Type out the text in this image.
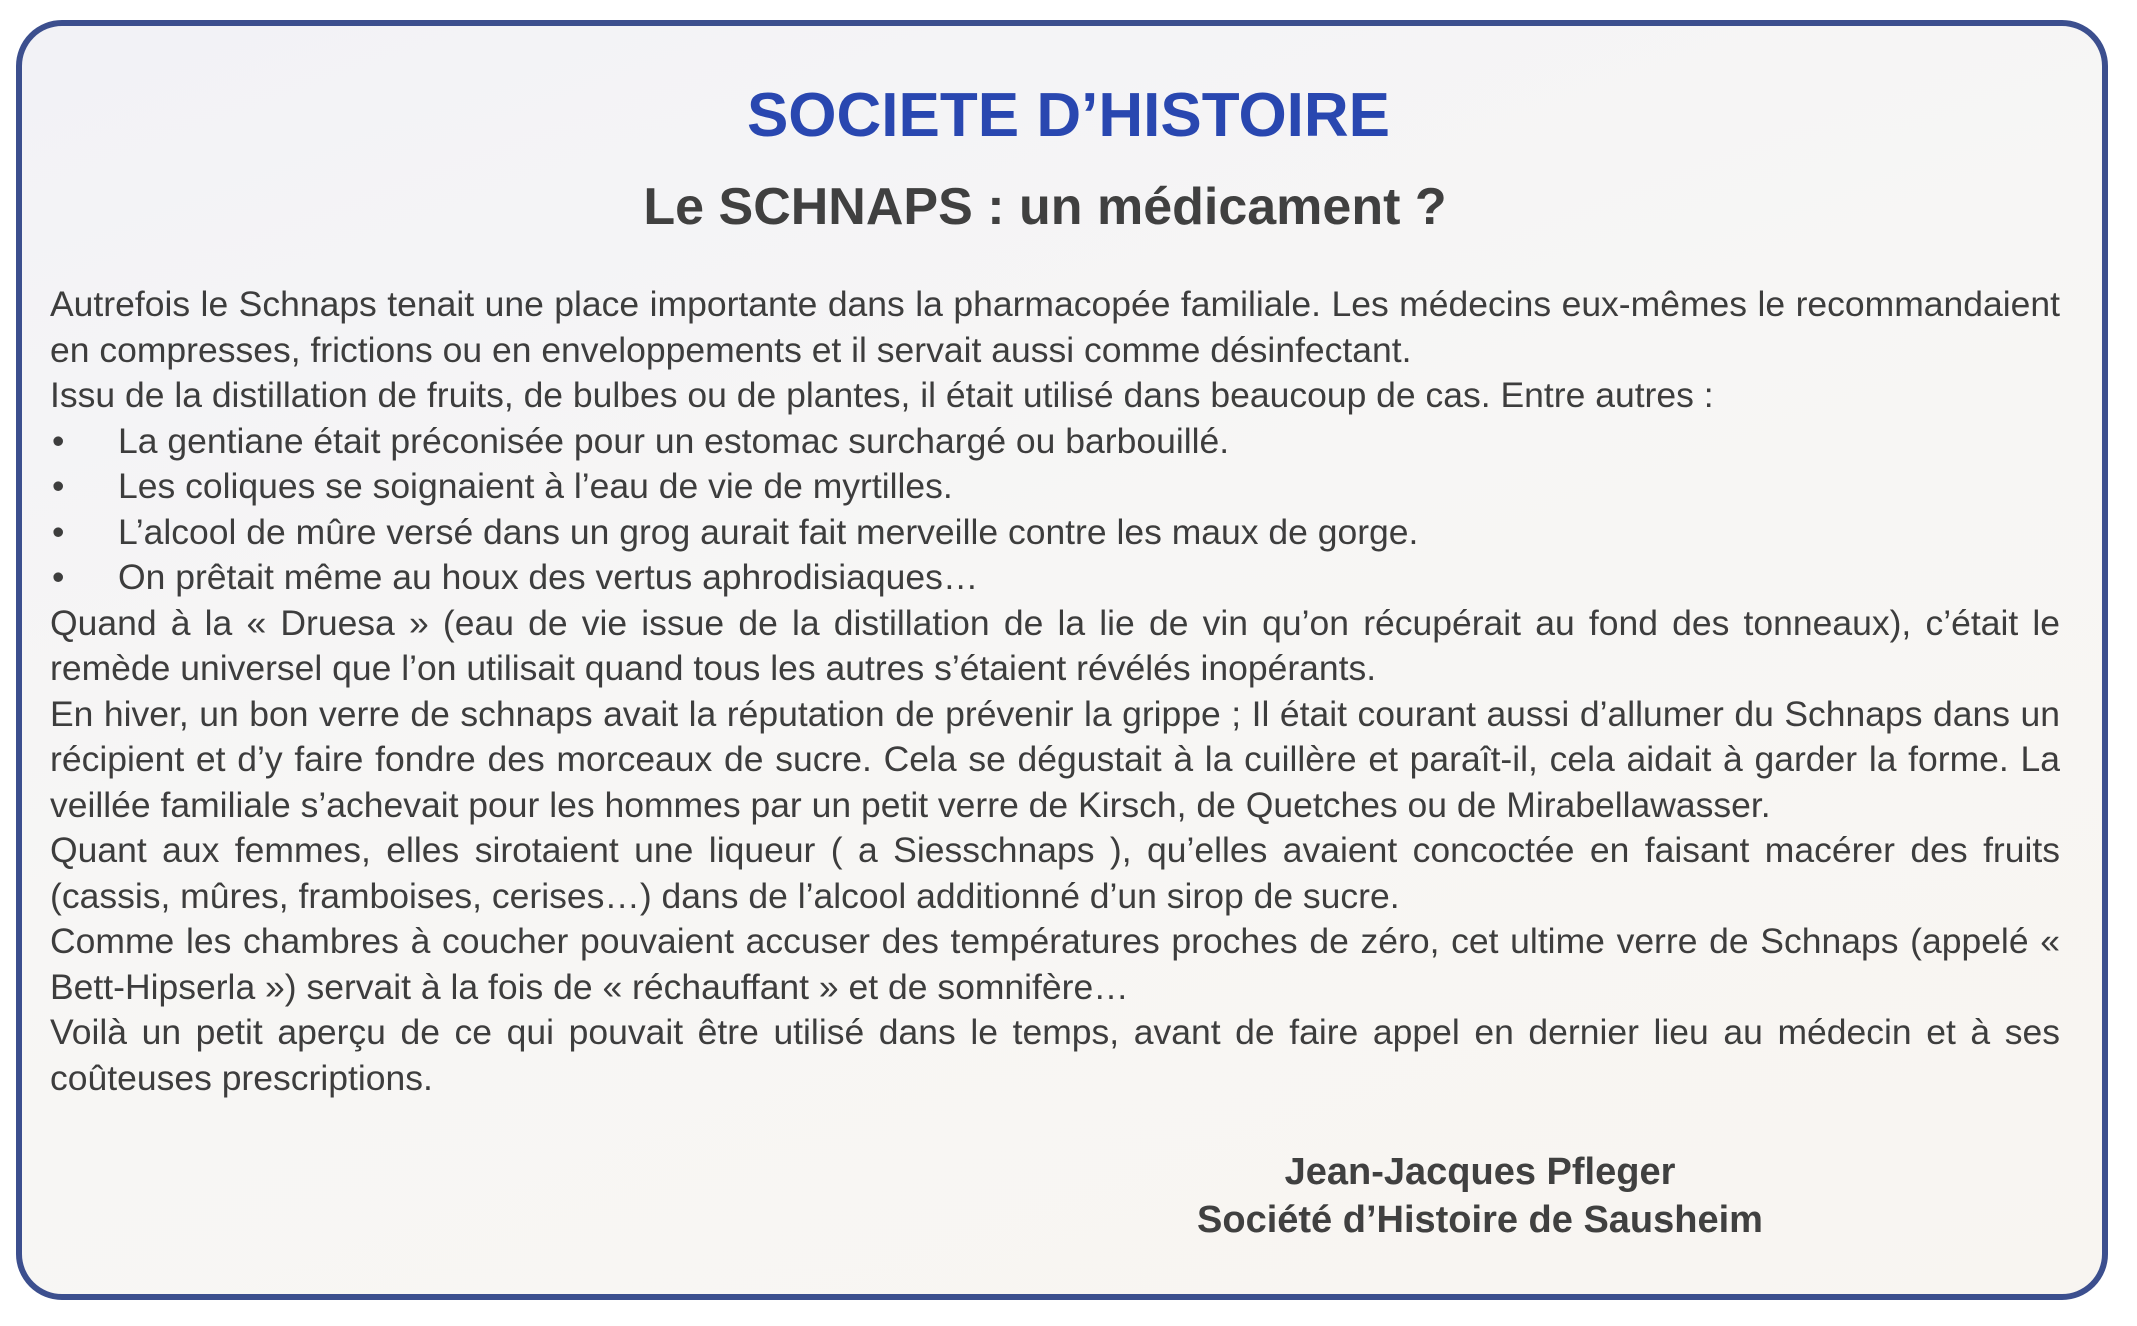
SOCIETE D’HISTOIRE
Le SCHNAPS : un médicament ?

Autrefois le Schnaps tenait une place importante dans la pharmacopée familiale. Les médecins eux-mêmes le recommandaient en compresses, frictions ou en enveloppements et il servait aussi comme désinfectant.

Issu de la distillation de fruits, de bulbes ou de plantes, il était utilisé dans beaucoup de cas. Entre autres :

• La gentiane était préconisée pour un estomac surchargé ou barbouillé.
• Les coliques se soignaient à l’eau de vie de myrtilles.
• L’alcool de mûre versé dans un grog aurait fait merveille contre les maux de gorge.
• On prêtait même au houx des vertus aphrodisiaques…

Quand à la « Druesa » (eau de vie issue de la distillation de la lie de vin qu’on récupérait au fond des tonneaux), c’était le remède universel que l’on utilisait quand tous les autres s’étaient révélés inopérants.

En hiver, un bon verre de schnaps avait la réputation de prévenir la grippe ; Il était courant aussi d’allumer du Schnaps dans un récipient et d’y faire fondre des morceaux de sucre. Cela se dégustait à la cuillère et paraît-il, cela aidait à garder la forme. La veillée familiale s’achevait pour les hommes par un petit verre de Kirsch, de Quetches ou de Mirabellawasser.

Quant aux femmes, elles sirotaient une liqueur ( a Siesschnaps ), qu’elles avaient concoctée en faisant macérer des fruits (cassis, mûres, framboises, cerises…) dans de l’alcool additionné d’un sirop de sucre.

Comme les chambres à coucher pouvaient accuser des températures proches de zéro, cet ultime verre de Schnaps (appelé « Bett-Hipserla ») servait à la fois de « réchauffant » et de somnifère…

Voilà un petit aperçu de ce qui pouvait être utilisé dans le temps, avant de faire appel en dernier lieu au médecin et à ses coûteuses prescriptions.

Jean-Jacques Pfleger
Société d’Histoire de Sausheim
